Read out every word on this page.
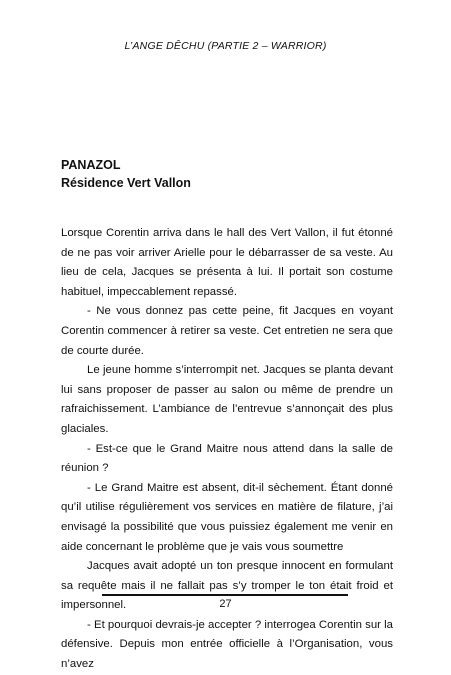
L’ANGE DÊCHU (PARTIE 2 – WARRIOR)
PANAZOL
Résidence Vert Vallon

Lorsque Corentin arriva dans le hall des Vert Vallon, il fut étonné de ne pas voir arriver Arielle pour le débarrasser de sa veste. Au lieu de cela, Jacques se présenta à lui. Il portait son costume habituel, impeccablement repassé.

- Ne vous donnez pas cette peine, fit Jacques en voyant Corentin commencer à retirer sa veste. Cet entretien ne sera que de courte durée.

Le jeune homme s’interrompit net. Jacques se planta devant lui sans proposer de passer au salon ou même de prendre un rafraichissement. L’ambiance de l’entrevue s’annonçait des plus glaciales.

- Est-ce que le Grand Maitre nous attend dans la salle de réunion ?

- Le Grand Maitre est absent, dit-il sèchement. Étant donné qu’il utilise régulièrement vos services en matière de filature, j’ai envisagé la possibilité que vous puissiez également me venir en aide concernant le problème que je vais vous soumettre

Jacques avait adopté un ton presque innocent en formulant sa requête mais il ne fallait pas s’y tromper le ton était froid et impersonnel.

- Et pourquoi devrais-je accepter ? interrogea Corentin sur la défensive. Depuis mon entrée officielle à l’Organisation, vous n’avez

27
